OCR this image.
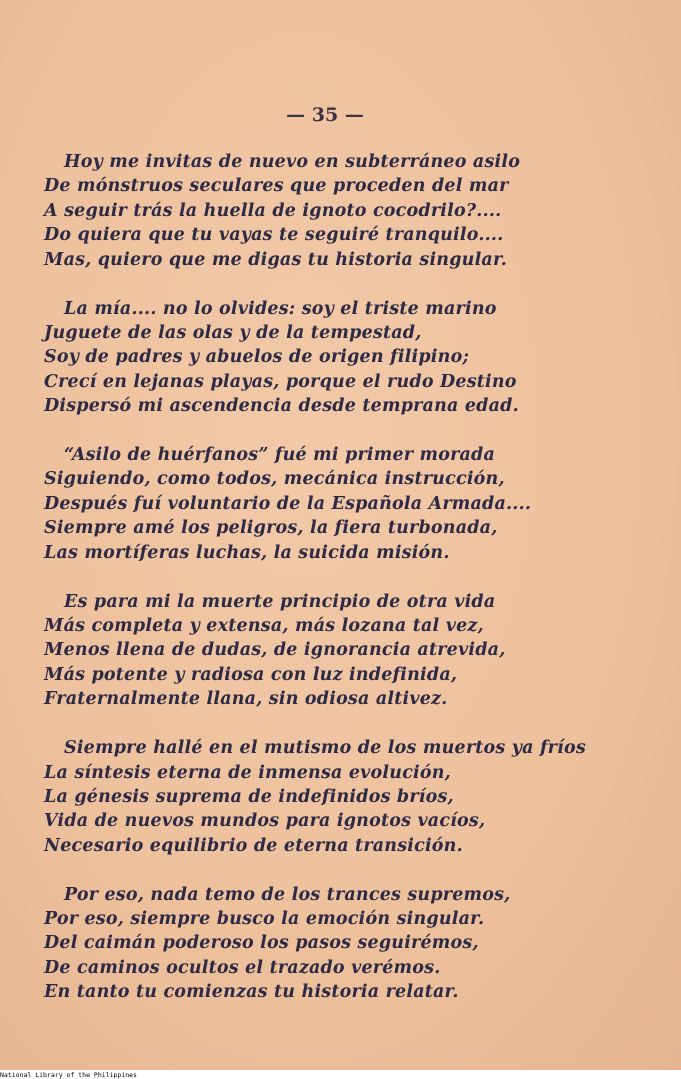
— 35 —
Hoy me invitas de nuevo en subterráneo asilo
De mónstruos seculares que proceden del mar
A seguir trás la huella de ignoto cocodrilo?....
Do quiera que tu vayas te seguiré tranquilo....
Mas, quiero que me digas tu historia singular.
La mía.... no lo olvides: soy el triste marino
Juguete de las olas y de la tempestad,
Soy de padres y abuelos de origen filipino;
Crecí en lejanas playas, porque el rudo Destino
Dispersó mi ascendencia desde temprana edad.
“Asilo de huérfanos” fué mi primer morada
Siguiendo, como todos, mecánica instrucción,
Después fuí voluntario de la Española Armada....
Siempre amé los peligros, la fiera turbonada,
Las mortíferas luchas, la suicida misión.
Es para mi la muerte principio de otra vida
Más completa y extensa, más lozana tal vez,
Menos llena de dudas, de ignorancia atrevida,
Más potente y radiosa con luz indefinida,
Fraternalmente llana, sin odiosa altivez.
Siempre hallé en el mutismo de los muertos ya fríos
La síntesis eterna de inmensa evolución,
La génesis suprema de indefinidos bríos,
Vida de nuevos mundos para ignotos vacíos,
Necesario equilibrio de eterna transición.
Por eso, nada temo de los trances supremos,
Por eso, siempre busco la emoción singular.
Del caimán poderoso los pasos seguirémos,
De caminos ocultos el trazado verémos.
En tanto tu comienzas tu historia relatar.
National Library of the Philippines
